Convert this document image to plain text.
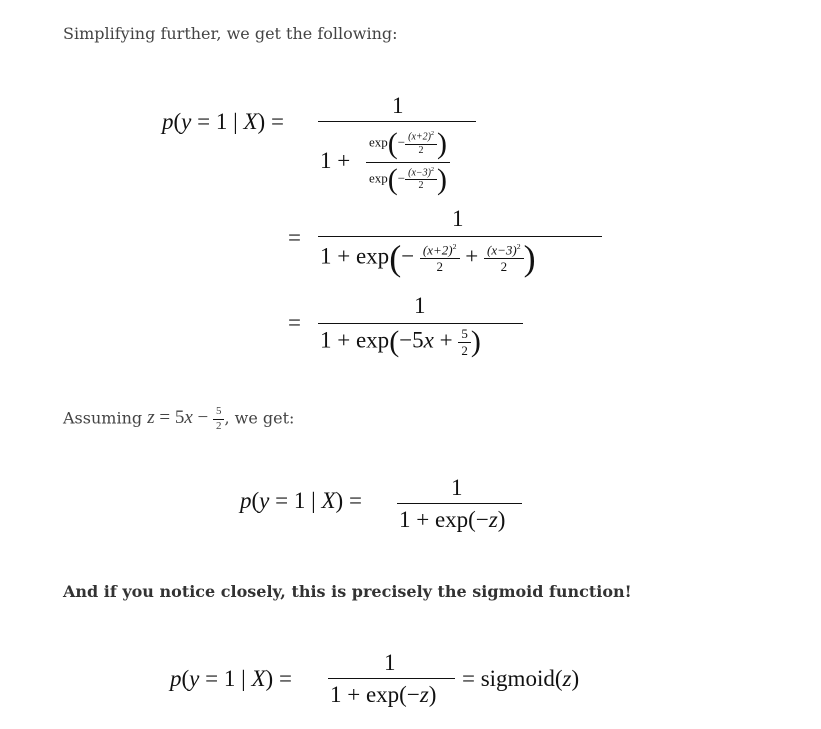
Simplifying further, we get the following:
p(y = 1 | X) =
1
$1 + \frac{\exp(- \frac{(x+2)^2}{2} )}{\exp(- \frac{(x-3)^2}{2} )}$
=
1
$1 + \exp(- \frac{(x+2)^2}{2} + \frac{(x-3)^2}{2}$ )
=
1
$1 + \exp(-5x + \frac{5}{2}$ )
Assuming $z = 5x - \frac{5}{2}$ , we get:
p(y = 1 | X) =
1
1 + exp(−z)
And if you notice closely, this is precisely the sigmoid function!
p(y = 1 | X) =
1
1 + exp(−z)
= sigmoid(z)
